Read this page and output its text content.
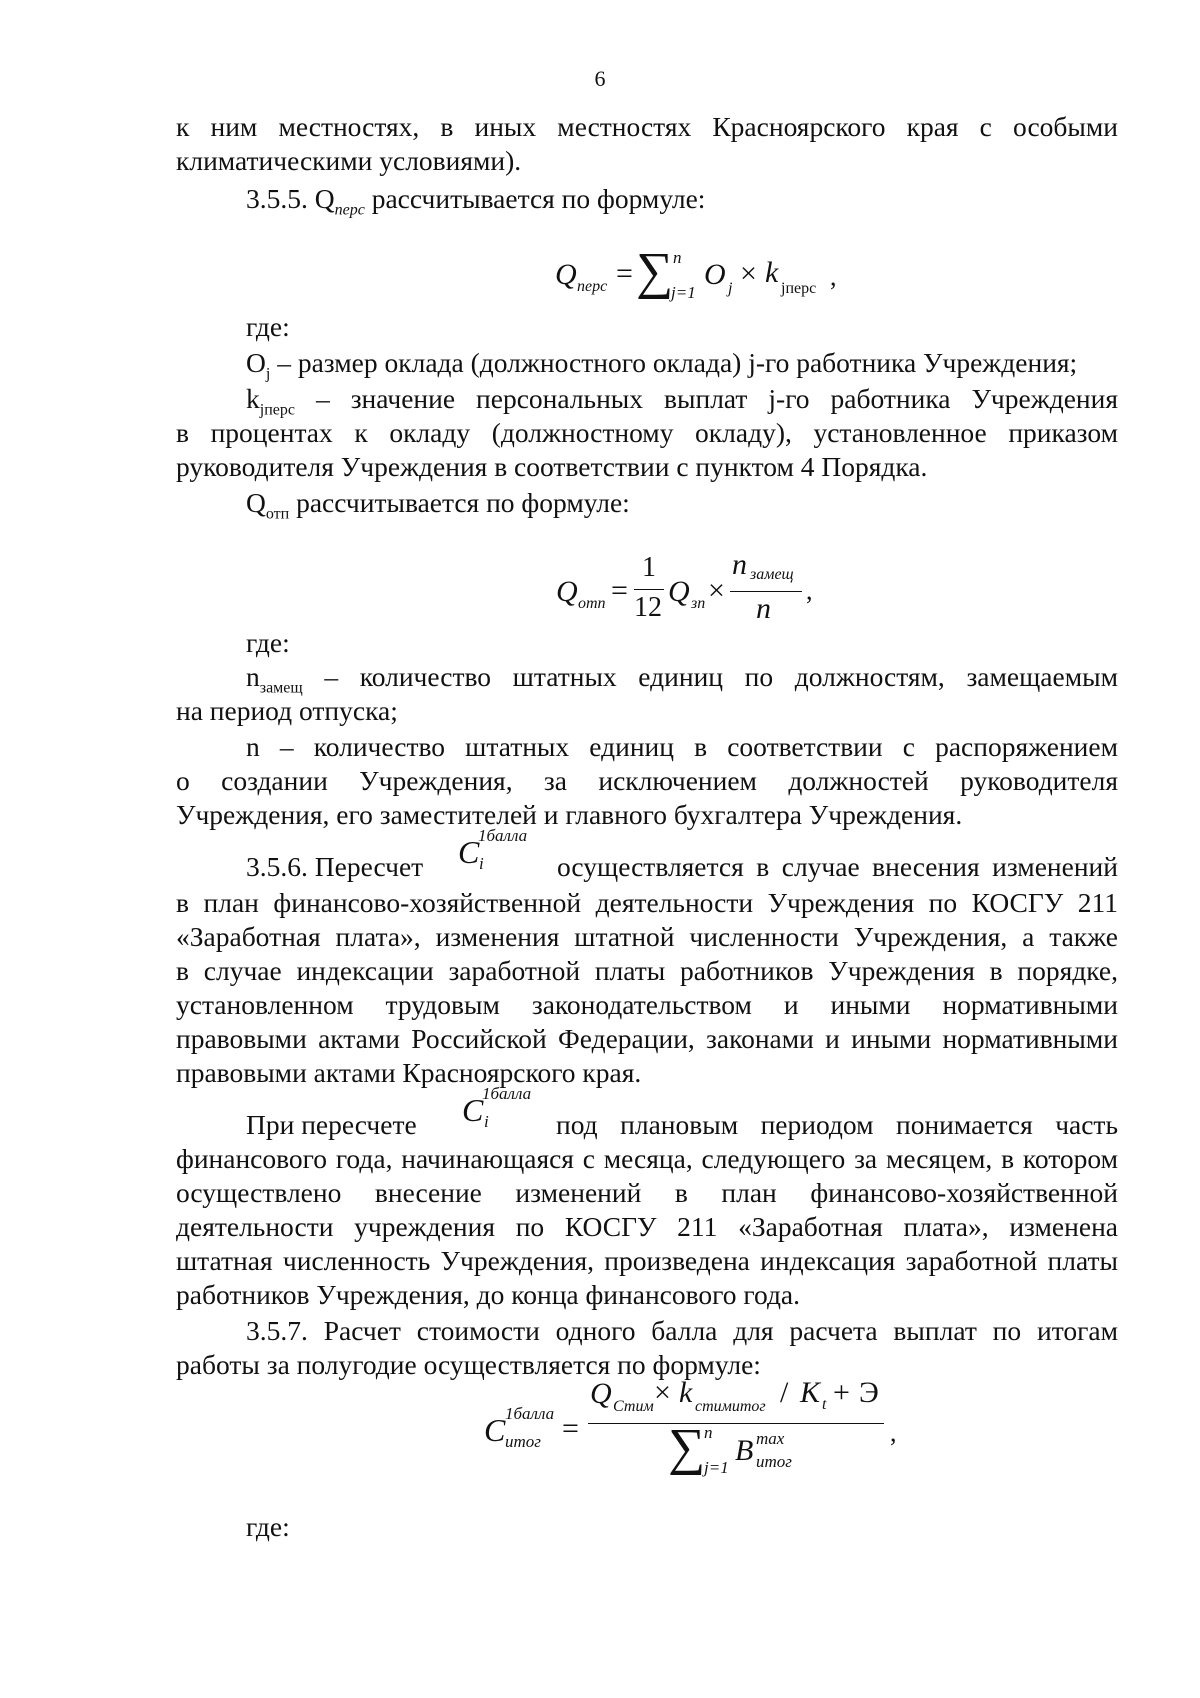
6
к ним местностях, в иных местностях Красноярского края с особыми
климатическими условиями).
3.5.5. $Q_{перс}$ рассчитывается по формуле:
Q перс = ∑ n
j=1
O j × k jперс ,
где:
$O_j$ – размер оклада (должностного оклада) j-го работника Учреждения;
$k_{jперс}$ – значение персональных выплат j-го работника Учреждения
в процентах к окладу (должностному окладу), установленное приказом
руководителя Учреждения в соответствии с пунктом 4 Порядка.
$Q_{отп}$ рассчитывается по формуле:
Q отп =
1
12 Q зп ×
n замещ
n
,
где:
$n_{замещ}$ – количество штатных единиц по должностям, замещаемым
на период отпуска;
n – количество штатных единиц в соответствии с распоряжением
о создании Учреждения, за исключением должностей руководителя
Учреждения, его заместителей и главного бухгалтера Учреждения.
3.5.6. Пересчет	C
1балла
i	осуществляется в случае внесения изменений
в план финансово-хозяйственной деятельности Учреждения по КОСГУ 211
«Заработная плата», изменения штатной численности Учреждения, а также
в случае индексации заработной платы работников Учреждения в порядке,
установленном трудовым законодательством и иными нормативными
правовыми актами Российской Федерации, законами и иными нормативными
правовыми актами Красноярского края.
При пересчете	C
1балла
i под плановым периодом понимается часть
финансового года, начинающаяся с месяца, следующего за месяцем, в котором
осуществлено внесение изменений в план финансово-хозяйственной
деятельности учреждения по КОСГУ 211 «Заработная плата», изменена
штатная численность Учреждения, произведена индексация заработной платы
работников Учреждения, до конца финансового года.
3.5.7. Расчет стоимости одного балла для расчета выплат по итогам
работы за полугодие осуществляется по формуле:
C 1балла
итог =
Q Стим × k стимитог / K t + Э
∑
n
j=1
B max
итог
,
где:
